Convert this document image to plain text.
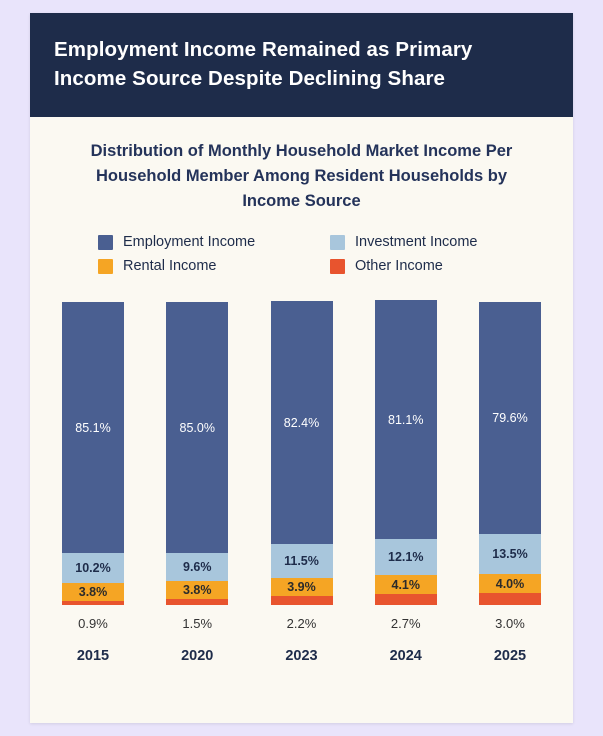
Employment Income Remained as Primary Income Source Despite Declining Share

Distribution of Monthly Household Market Income Per Household Member Among Resident Households by Income Source

Employment Income	Investment Income
Rental Income	Other Income
85.1%
10.2%
3.8%
0.9%
85.0%
9.6%
3.8%
1.5%
82.4%
11.5%
3.9%
2.2%
81.1%
12.1%
4.1%
2.7%
79.6%
13.5%
4.0%
3.0%
2015	2020	2023	2024	2025
